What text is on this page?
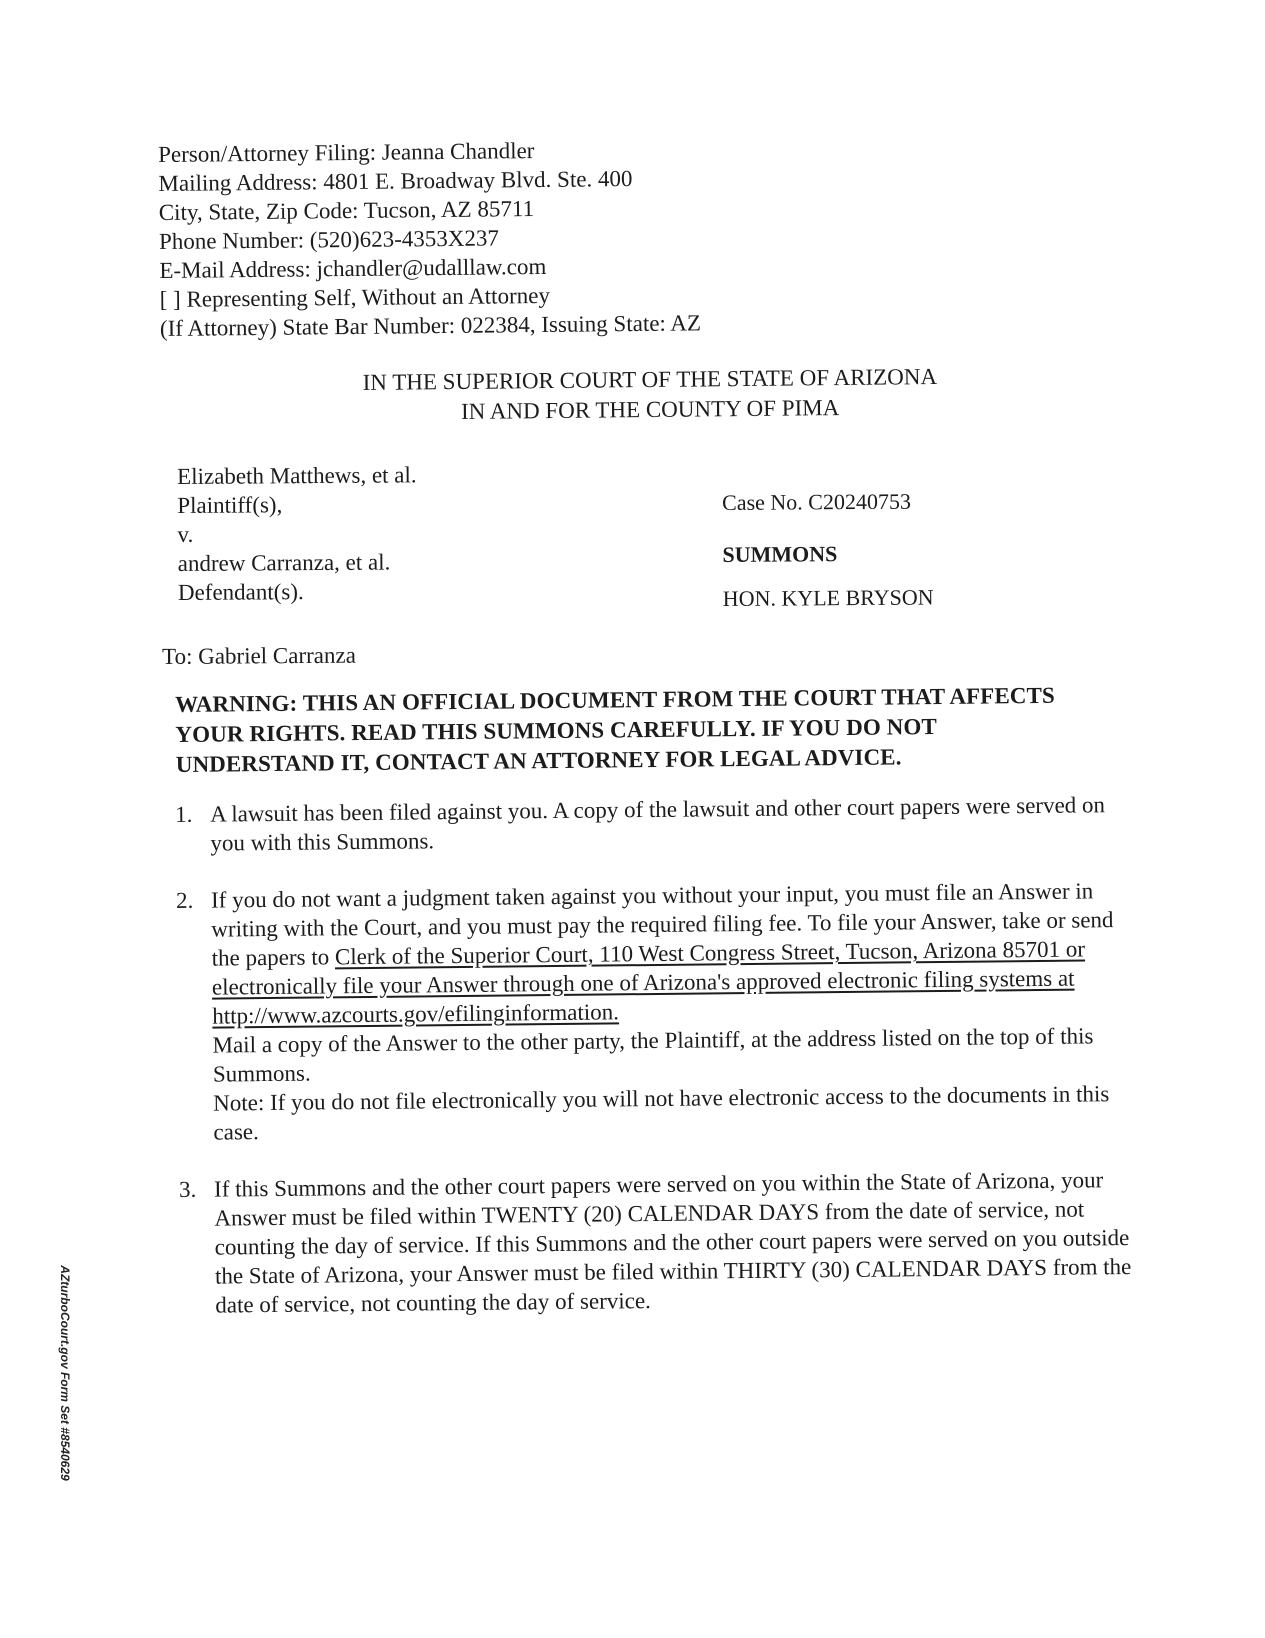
Person/Attorney Filing: Jeanna Chandler
Mailing Address: 4801 E. Broadway Blvd. Ste. 400
City, State, Zip Code: Tucson, AZ 85711
Phone Number: (520)623-4353X237
E-Mail Address: jchandler@udalllaw.com
[ ] Representing Self, Without an Attorney
(If Attorney) State Bar Number: 022384, Issuing State: AZ
IN THE SUPERIOR COURT OF THE STATE OF ARIZONA
IN AND FOR THE COUNTY OF PIMA
Elizabeth Matthews, et al.
Plaintiff(s),
v.
andrew Carranza, et al.
Defendant(s).
Case No. C20240753
SUMMONS
HON. KYLE BRYSON
To: Gabriel Carranza
WARNING: THIS AN OFFICIAL DOCUMENT FROM THE COURT THAT AFFECTS YOUR RIGHTS. READ THIS SUMMONS CAREFULLY. IF YOU DO NOT UNDERSTAND IT, CONTACT AN ATTORNEY FOR LEGAL ADVICE.
1. A lawsuit has been filed against you. A copy of the lawsuit and other court papers were served on you with this Summons.
2. If you do not want a judgment taken against you without your input, you must file an Answer in writing with the Court, and you must pay the required filing fee. To file your Answer, take or send the papers to Clerk of the Superior Court, 110 West Congress Street, Tucson, Arizona 85701 or electronically file your Answer through one of Arizona's approved electronic filing systems at http://www.azcourts.gov/efilinginformation.
Mail a copy of the Answer to the other party, the Plaintiff, at the address listed on the top of this Summons.
Note: If you do not file electronically you will not have electronic access to the documents in this case.
3. If this Summons and the other court papers were served on you within the State of Arizona, your Answer must be filed within TWENTY (20) CALENDAR DAYS from the date of service, not counting the day of service. If this Summons and the other court papers were served on you outside the State of Arizona, your Answer must be filed within THIRTY (30) CALENDAR DAYS from the date of service, not counting the day of service.
AZturboCourt.gov Form Set #8540629
